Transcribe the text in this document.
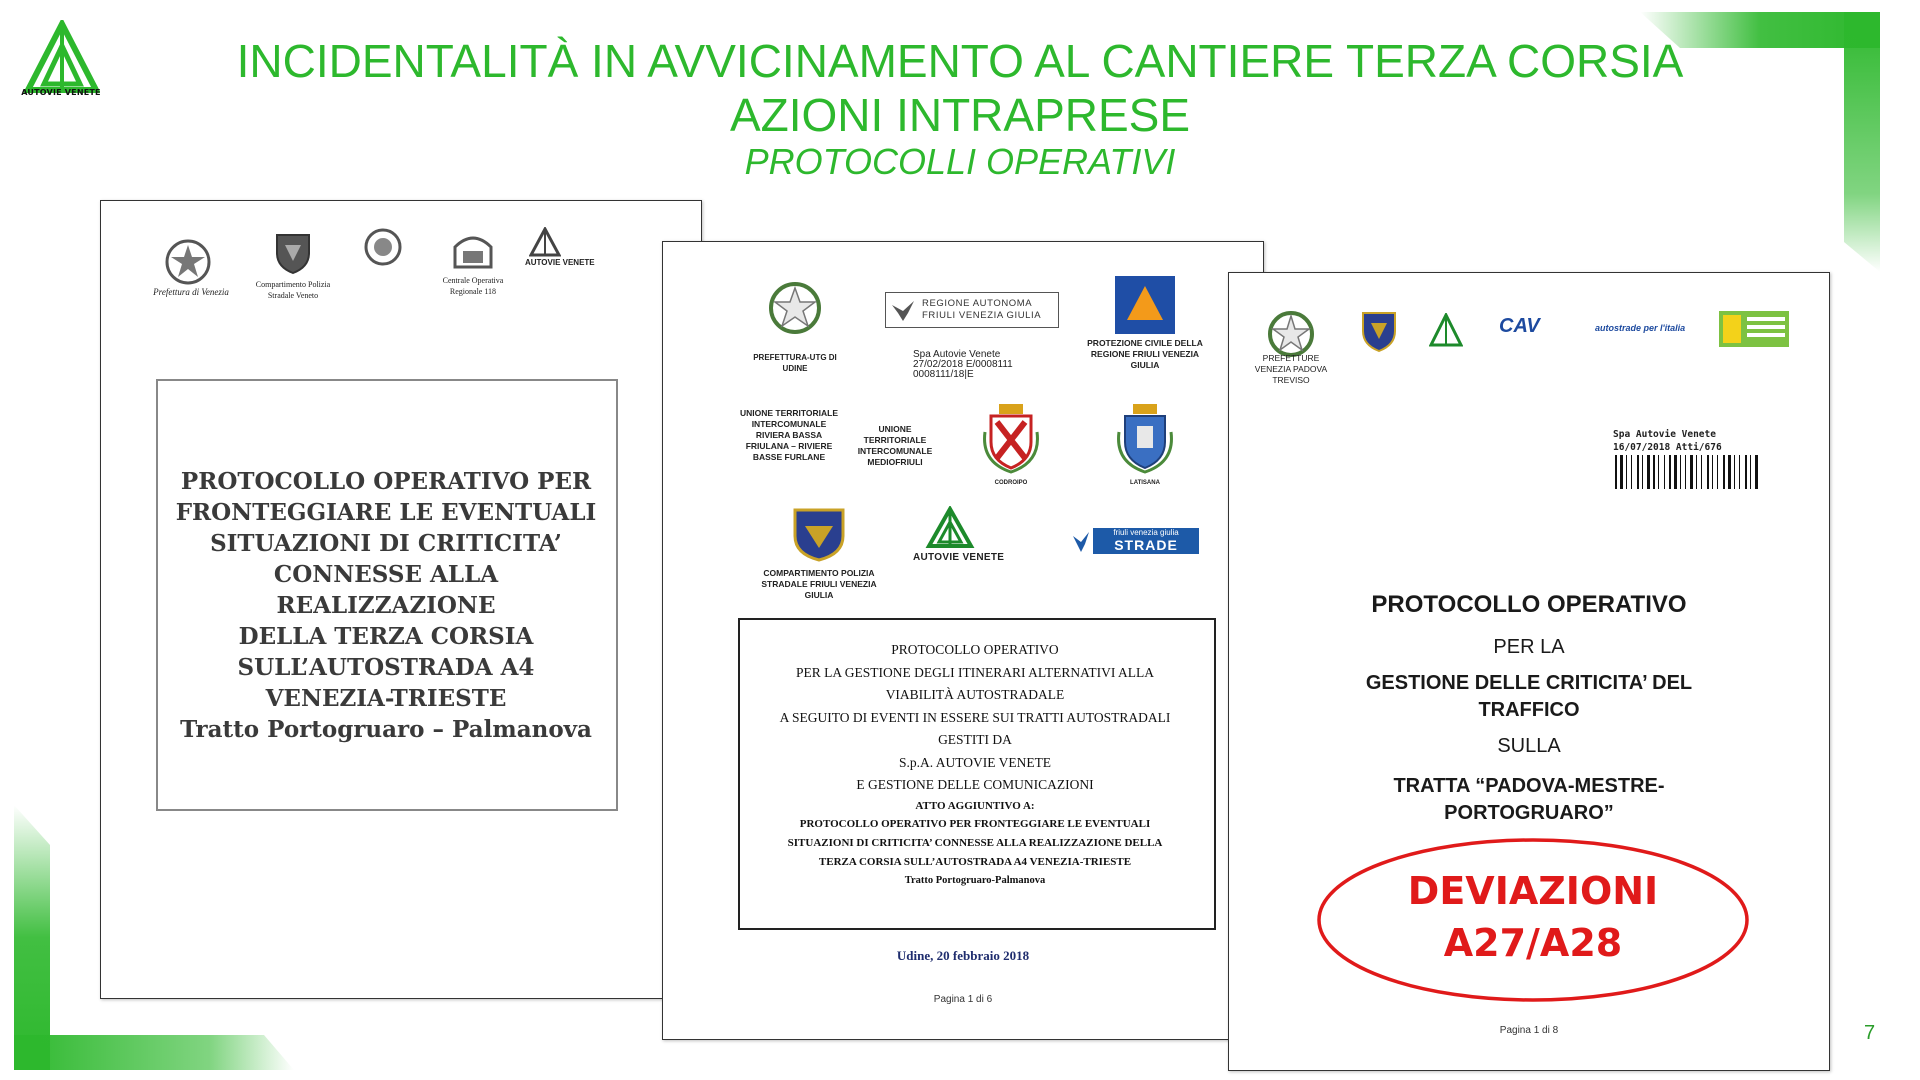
AUTOVIE VENETE
INCIDENTALITÀ IN AVVICINAMENTO AL CANTIERE TERZA CORSIA
AZIONI INTRAPRESE
PROTOCOLLI OPERATIVI
Prefettura di Venezia
Compartimento Polizia Stradale Veneto
Centrale Operativa Regionale 118
AUTOVIE VENETE
PROTOCOLLO OPERATIVO PER
FRONTEGGIARE LE EVENTUALI
SITUAZIONI DI CRITICITA’
CONNESSE ALLA REALIZZAZIONE
DELLA TERZA CORSIA
SULL’AUTOSTRADA A4
VENEZIA-TRIESTE
Tratto Portogruaro – Palmanova
PREFETTURA-UTG DI UDINE
REGIONE AUTONOMA FRIULI VENEZIA GIULIA
Spa Autovie Venete 27/02/2018 E/0008111 0008111/18|E
PROTEZIONE CIVILE DELLA REGIONE FRIULI VENEZIA GIULIA
UNIONE TERRITORIALE INTERCOMUNALE RIVIERA BASSA FRIULANA – RIVIERE BASSE FURLANE
UNIONE TERRITORIALE INTERCOMUNALE MEDIOFRIULI
CODROIPO	LATISANA
COMPARTIMENTO POLIZIA STRADALE FRIULI VENEZIA GIULIA
AUTOVIE VENETE
friuli venezia giulia
STRADE
PROTOCOLLO OPERATIVO
PER LA GESTIONE DEGLI ITINERARI ALTERNATIVI ALLA
VIABILITÀ AUTOSTRADALE
A SEGUITO DI EVENTI IN ESSERE SUI TRATTI AUTOSTRADALI
GESTITI DA
S.p.A. AUTOVIE VENETE
E GESTIONE DELLE COMUNICAZIONI
ATTO AGGIUNTIVO A:
PROTOCOLLO OPERATIVO PER FRONTEGGIARE LE EVENTUALI
SITUAZIONI DI CRITICITA’ CONNESSE ALLA REALIZZAZIONE DELLA
TERZA CORSIA SULL’AUTOSTRADA A4 VENEZIA-TRIESTE
Tratto Portogruaro-Palmanova
Udine, 20 febbraio 2018
Pagina 1 di 6
PREFETTURE VENEZIA PADOVA TREVISO
CAV	autostrade per l'italia
Spa Autovie Venete
16/07/2018 Atti/676
PROTOCOLLO OPERATIVO
PER LA
GESTIONE DELLE CRITICITA’ DEL TRAFFICO
SULLA
TRATTA “PADOVA-MESTRE-PORTOGRUARO”
DEVIAZIONI
A27/A28
Pagina 1 di 8	7
